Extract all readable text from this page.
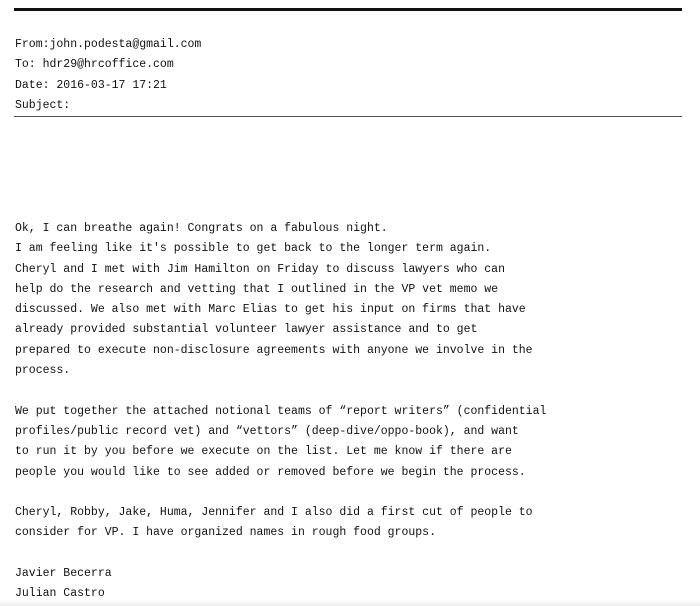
From:john.podesta@gmail.com
To: hdr29@hrcoffice.com
Date: 2016-03-17 17:21
Subject:
Ok, I can breathe again! Congrats on a fabulous night.
I am feeling like it's possible to get back to the longer term again.
Cheryl and I met with Jim Hamilton on Friday to discuss lawyers who can
help do the research and vetting that I outlined in the VP vet memo we
discussed. We also met with Marc Elias to get his input on firms that have
already provided substantial volunteer lawyer assistance and to get
prepared to execute non-disclosure agreements with anyone we involve in the
process.
We put together the attached notional teams of “report writers” (confidential
profiles/public record vet) and “vettors” (deep-dive/oppo-book), and want
to run it by you before we execute on the list. Let me know if there are
people you would like to see added or removed before we begin the process.
Cheryl, Robby, Jake, Huma, Jennifer and I also did a first cut of people to
consider for VP. I have organized names in rough food groups.
Javier Becerra
Julian Castro
